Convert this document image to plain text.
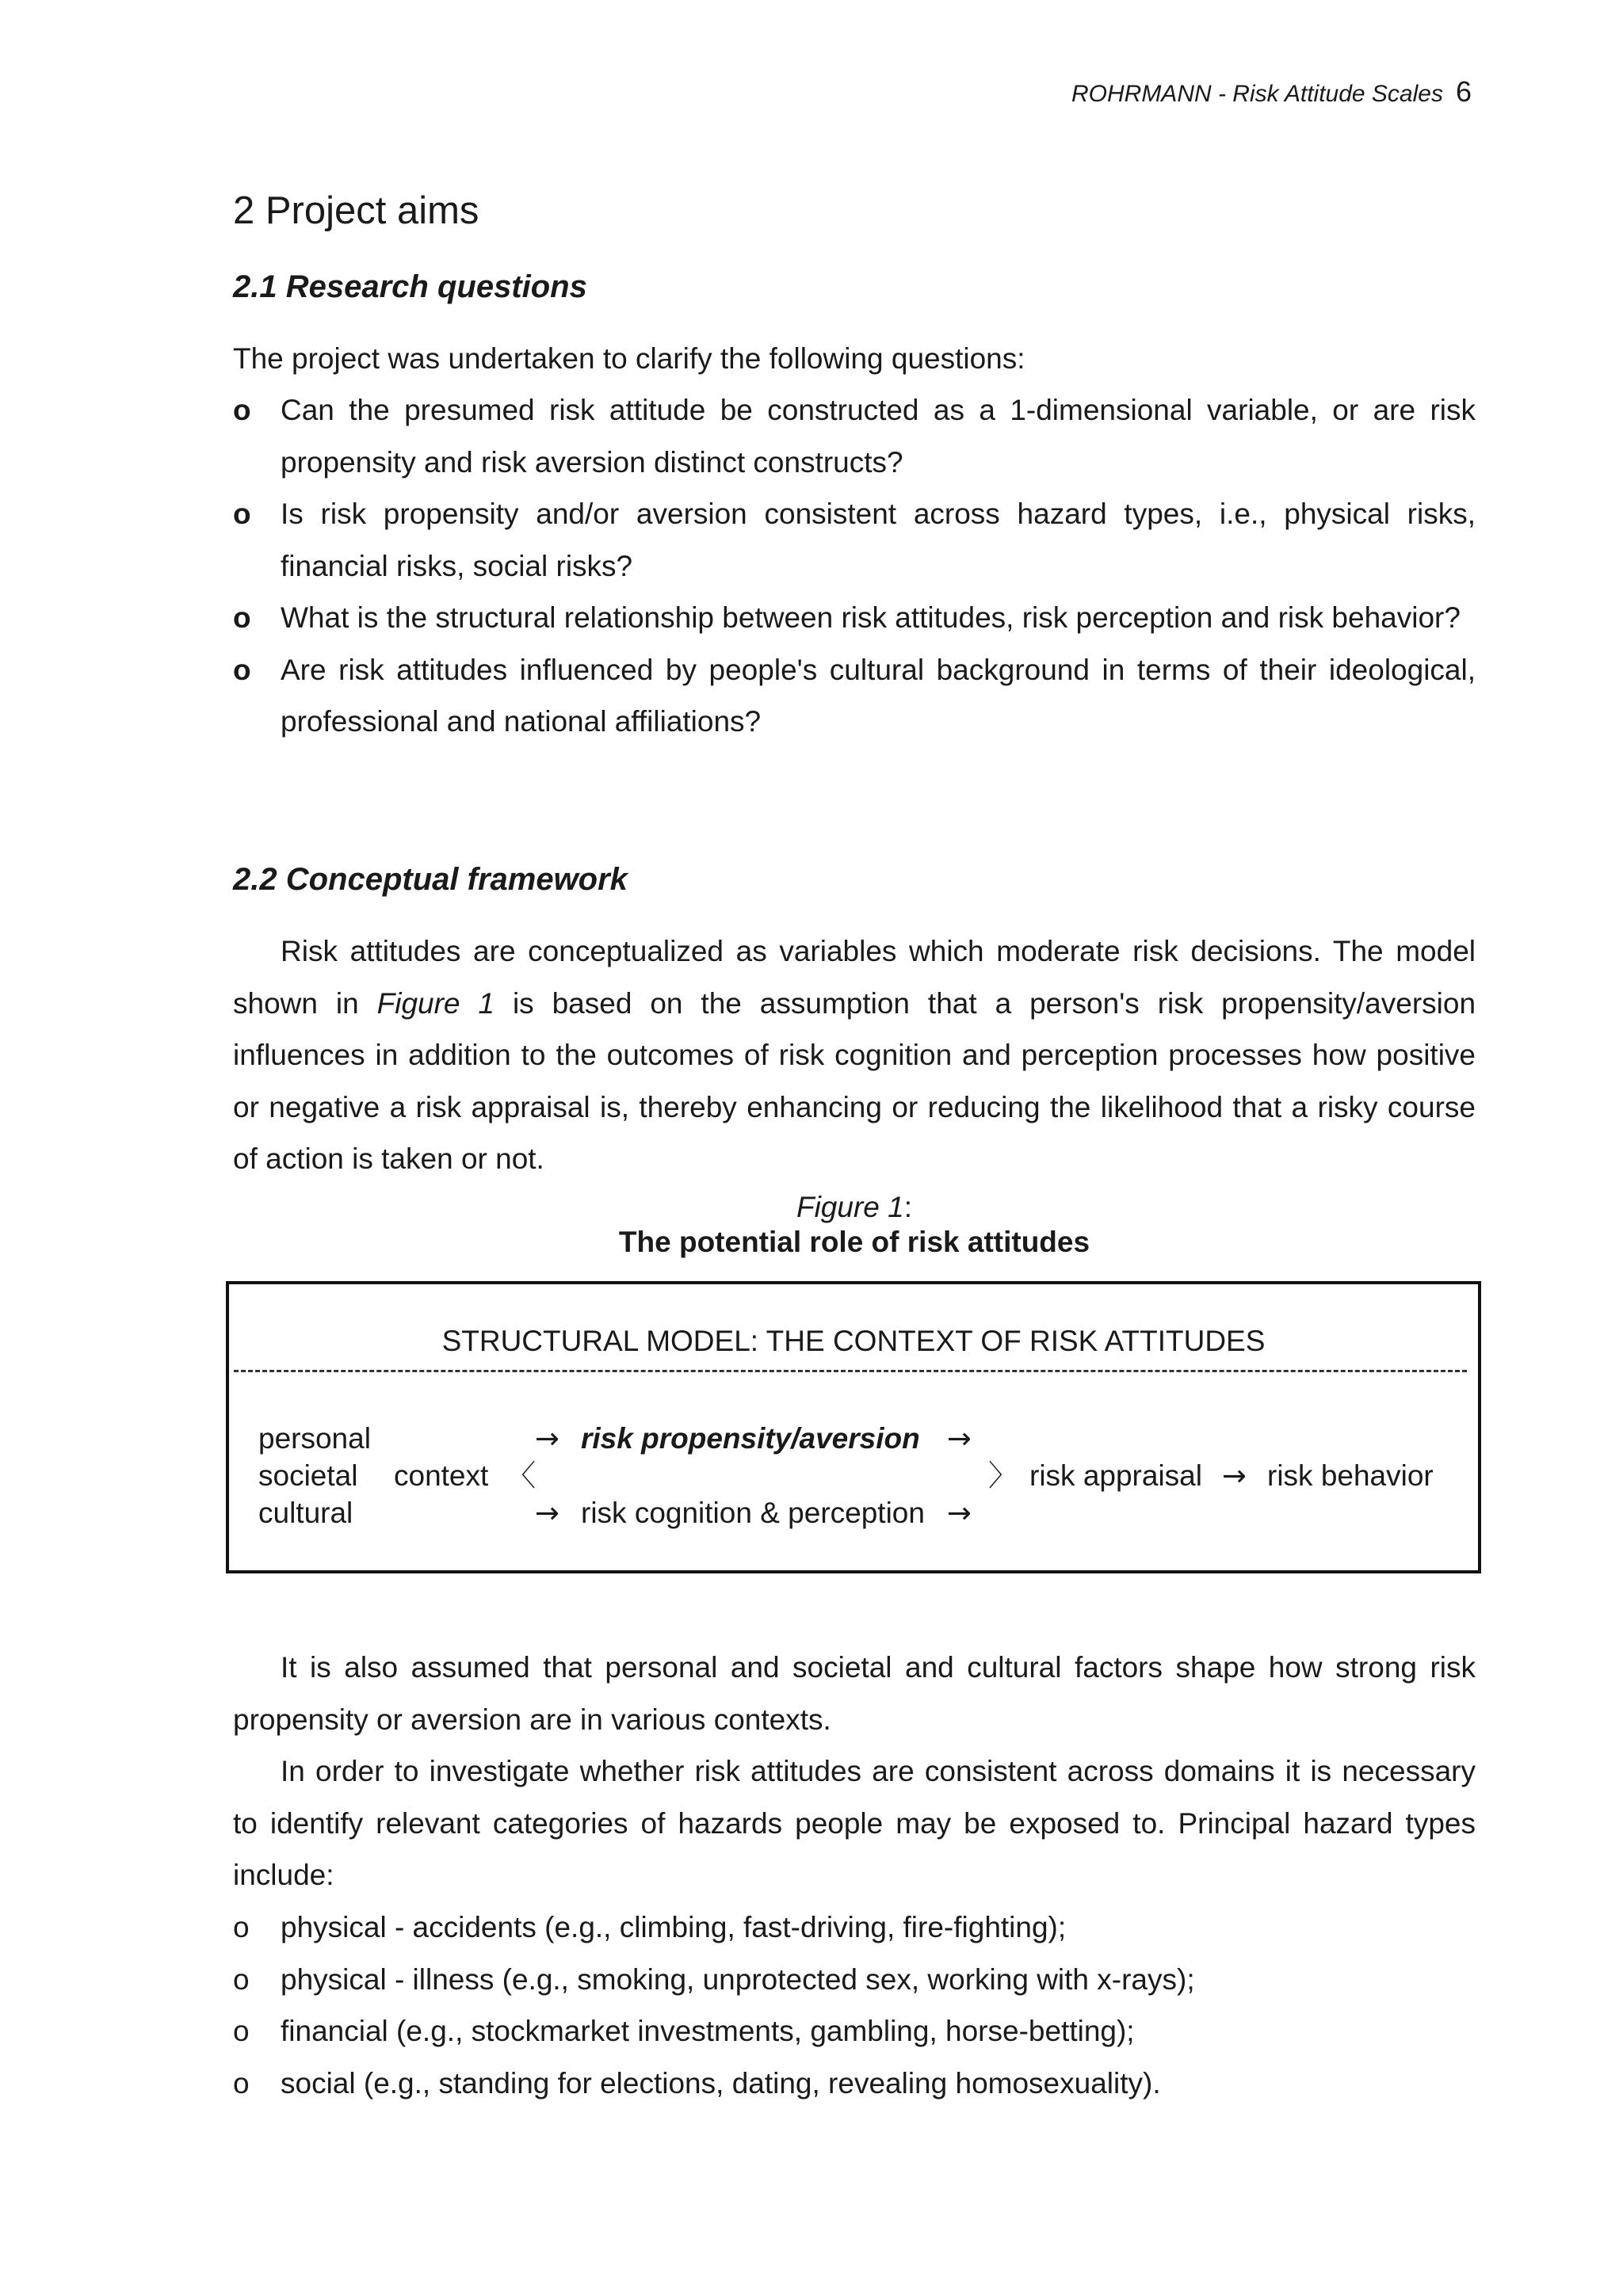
ROHRMANN - Risk Attitude Scales 6
2 Project aims
2.1 Research questions
The project was undertaken to clarify the following questions:
o Can the presumed risk attitude be constructed as a 1-dimensional variable, or are risk propensity and risk aversion distinct constructs?
o Is risk propensity and/or aversion consistent across hazard types, i.e., physical risks, financial risks, social risks?
o What is the structural relationship between risk attitudes, risk perception and risk behavior?
o Are risk attitudes influenced by people's cultural background in terms of their ideological, professional and national affiliations?
2.2 Conceptual framework
Risk attitudes are conceptualized as variables which moderate risk decisions. The model shown in Figure 1 is based on the assumption that a person's risk propensity/aversion influences in addition to the outcomes of risk cognition and perception processes how positive or negative a risk appraisal is, thereby enhancing or reducing the likelihood that a risky course of action is taken or not.
Figure 1:
The potential role of risk attitudes
STRUCTURAL MODEL: THE CONTEXT OF RISK ATTITUDES
personal
societal
cultural
context 〈
→ risk propensity/aversion →
→ risk cognition & perception →
〉 risk appraisal → risk behavior
It is also assumed that personal and societal and cultural factors shape how strong risk propensity or aversion are in various contexts.
In order to investigate whether risk attitudes are consistent across domains it is necessary to identify relevant categories of hazards people may be exposed to. Principal hazard types include:
o physical - accidents (e.g., climbing, fast-driving, fire-fighting);
o physical - illness (e.g., smoking, unprotected sex, working with x-rays);
o financial (e.g., stockmarket investments, gambling, horse-betting);
o social (e.g., standing for elections, dating, revealing homosexuality).
